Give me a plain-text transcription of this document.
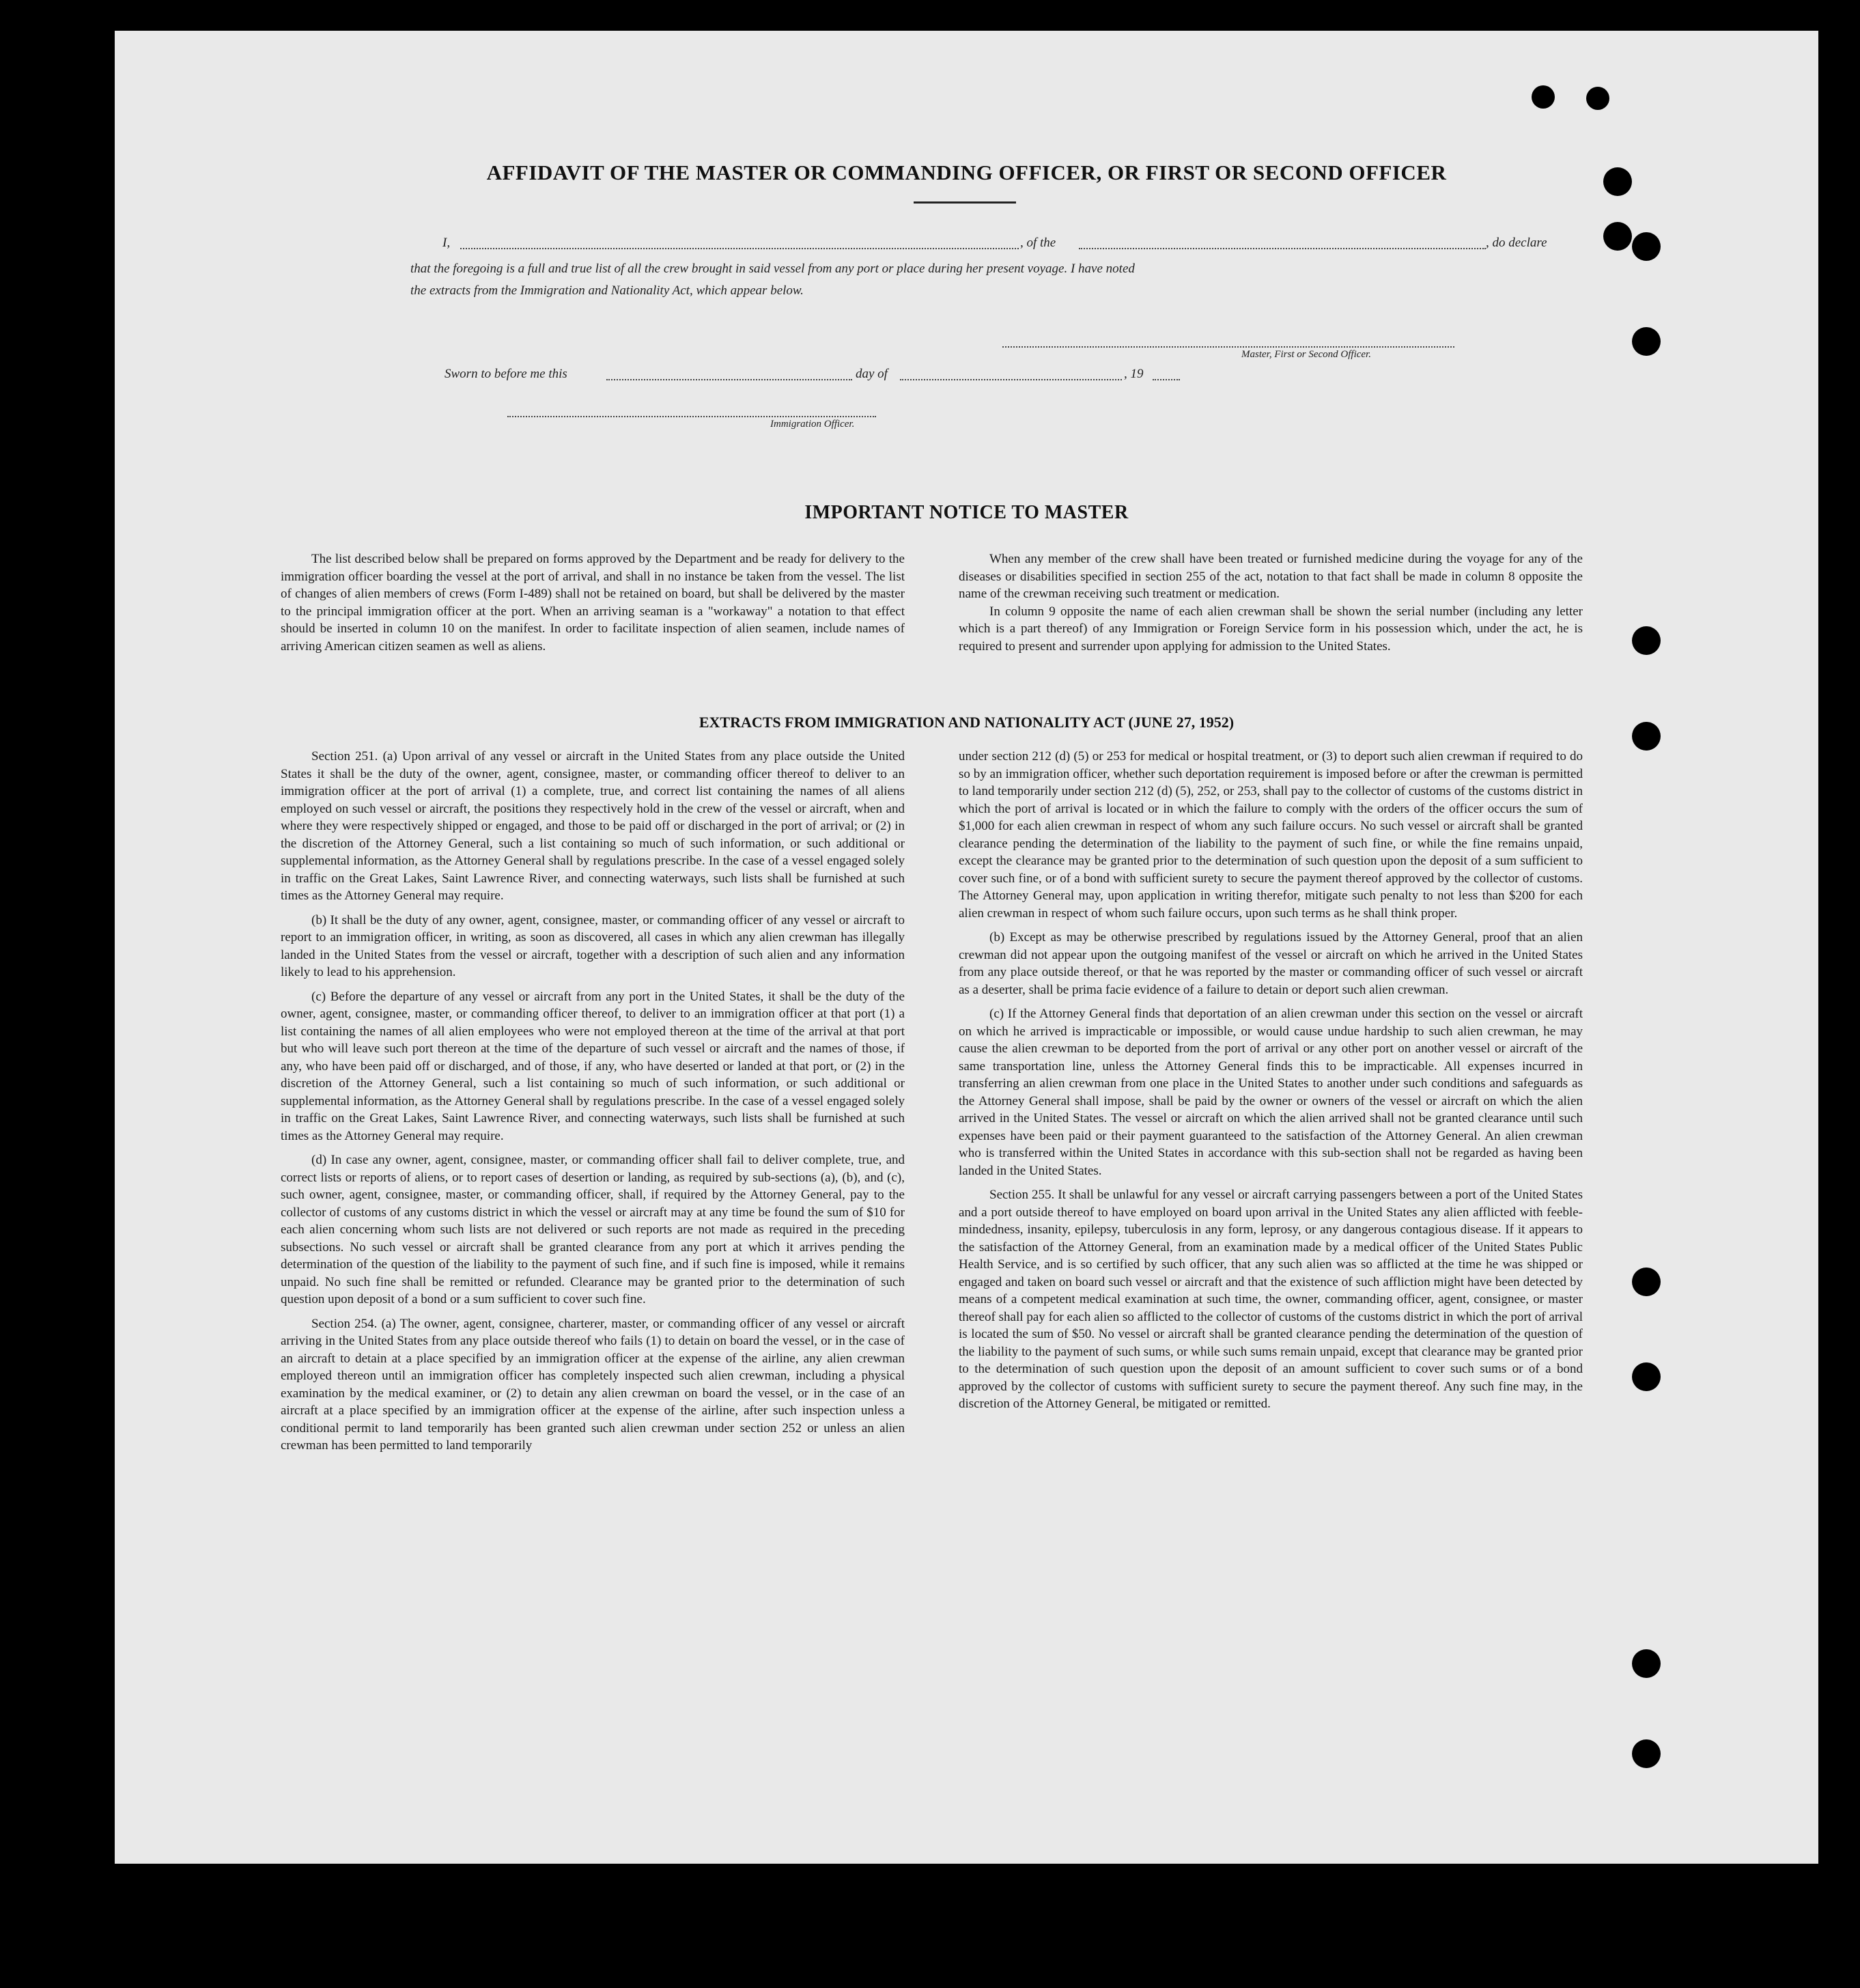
AFFIDAVIT OF THE MASTER OR COMMANDING OFFICER, OR FIRST OR SECOND OFFICER
I,	, of the	, do declare
that the foregoing is a full and true list of all the crew brought in said vessel from any port or place during her present voyage. I have noted
the extracts from the Immigration and Nationality Act, which appear below.
Master, First or Second Officer.
Sworn to before me this	day of	, 19
Immigration Officer.
IMPORTANT NOTICE TO MASTER

The list described below shall be prepared on forms approved by the Department and be ready for delivery to the immigration officer boarding the vessel at the port of arrival, and shall in no instance be taken from the vessel. The list of changes of alien members of crews (Form I-489) shall not be retained on board, but shall be delivered by the master to the principal immigration officer at the port. When an arriving seaman is a "workaway" a notation to that effect should be inserted in column 10 on the manifest. In order to facilitate inspection of alien seamen, include names of arriving American citizen seamen as well as aliens.

When any member of the crew shall have been treated or furnished medicine during the voyage for any of the diseases or disabilities specified in section 255 of the act, notation to that fact shall be made in column 8 opposite the name of the crewman receiving such treatment or medication.

In column 9 opposite the name of each alien crewman shall be shown the serial number (including any letter which is a part thereof) of any Immigration or Foreign Service form in his possession which, under the act, he is required to present and surrender upon applying for admission to the United States.

EXTRACTS FROM IMMIGRATION AND NATIONALITY ACT (JUNE 27, 1952)

Section 251. (a) Upon arrival of any vessel or aircraft in the United States from any place outside the United States it shall be the duty of the owner, agent, consignee, master, or commanding officer thereof to deliver to an immigration officer at the port of arrival (1) a complete, true, and correct list containing the names of all aliens employed on such vessel or aircraft, the positions they respectively hold in the crew of the vessel or aircraft, when and where they were respectively shipped or engaged, and those to be paid off or discharged in the port of arrival; or (2) in the discretion of the Attorney General, such a list containing so much of such information, or such additional or supplemental information, as the Attorney General shall by regulations prescribe. In the case of a vessel engaged solely in traffic on the Great Lakes, Saint Lawrence River, and connecting waterways, such lists shall be furnished at such times as the Attorney General may require.

(b) It shall be the duty of any owner, agent, consignee, master, or commanding officer of any vessel or aircraft to report to an immigration officer, in writing, as soon as discovered, all cases in which any alien crewman has illegally landed in the United States from the vessel or aircraft, together with a description of such alien and any information likely to lead to his apprehension.

(c) Before the departure of any vessel or aircraft from any port in the United States, it shall be the duty of the owner, agent, consignee, master, or commanding officer thereof, to deliver to an immigration officer at that port (1) a list containing the names of all alien employees who were not employed thereon at the time of the arrival at that port but who will leave such port thereon at the time of the departure of such vessel or aircraft and the names of those, if any, who have been paid off or discharged, and of those, if any, who have deserted or landed at that port, or (2) in the discretion of the Attorney General, such a list containing so much of such information, or such additional or supplemental information, as the Attorney General shall by regulations prescribe. In the case of a vessel engaged solely in traffic on the Great Lakes, Saint Lawrence River, and connecting waterways, such lists shall be furnished at such times as the Attorney General may require.

(d) In case any owner, agent, consignee, master, or commanding officer shall fail to deliver complete, true, and correct lists or reports of aliens, or to report cases of desertion or landing, as required by sub-sections (a), (b), and (c), such owner, agent, consignee, master, or commanding officer, shall, if required by the Attorney General, pay to the collector of customs of any customs district in which the vessel or aircraft may at any time be found the sum of $10 for each alien concerning whom such lists are not delivered or such reports are not made as required in the preceding subsections. No such vessel or aircraft shall be granted clearance from any port at which it arrives pending the determination of the question of the liability to the payment of such fine, and if such fine is imposed, while it remains unpaid. No such fine shall be remitted or refunded. Clearance may be granted prior to the determination of such question upon deposit of a bond or a sum sufficient to cover such fine.

Section 254. (a) The owner, agent, consignee, charterer, master, or commanding officer of any vessel or aircraft arriving in the United States from any place outside thereof who fails (1) to detain on board the vessel, or in the case of an aircraft to detain at a place specified by an immigration officer at the expense of the airline, any alien crewman employed thereon until an immigration officer has completely inspected such alien crewman, including a physical examination by the medical examiner, or (2) to detain any alien crewman on board the vessel, or in the case of an aircraft at a place specified by an immigration officer at the expense of the airline, after such inspection unless a conditional permit to land temporarily has been granted such alien crewman under section 252 or unless an alien crewman has been permitted to land temporarily

under section 212 (d) (5) or 253 for medical or hospital treatment, or (3) to deport such alien crewman if required to do so by an immigration officer, whether such deportation requirement is imposed before or after the crewman is permitted to land temporarily under section 212 (d) (5), 252, or 253, shall pay to the collector of customs of the customs district in which the port of arrival is located or in which the failure to comply with the orders of the officer occurs the sum of $1,000 for each alien crewman in respect of whom any such failure occurs. No such vessel or aircraft shall be granted clearance pending the determination of the liability to the payment of such fine, or while the fine remains unpaid, except the clearance may be granted prior to the determination of such question upon the deposit of a sum sufficient to cover such fine, or of a bond with sufficient surety to secure the payment thereof approved by the collector of customs. The Attorney General may, upon application in writing therefor, mitigate such penalty to not less than $200 for each alien crewman in respect of whom such failure occurs, upon such terms as he shall think proper.

(b) Except as may be otherwise prescribed by regulations issued by the Attorney General, proof that an alien crewman did not appear upon the outgoing manifest of the vessel or aircraft on which he arrived in the United States from any place outside thereof, or that he was reported by the master or commanding officer of such vessel or aircraft as a deserter, shall be prima facie evidence of a failure to detain or deport such alien crewman.

(c) If the Attorney General finds that deportation of an alien crewman under this section on the vessel or aircraft on which he arrived is impracticable or impossible, or would cause undue hardship to such alien crewman, he may cause the alien crewman to be deported from the port of arrival or any other port on another vessel or aircraft of the same transportation line, unless the Attorney General finds this to be impracticable. All expenses incurred in transferring an alien crewman from one place in the United States to another under such conditions and safeguards as the Attorney General shall impose, shall be paid by the owner or owners of the vessel or aircraft on which the alien arrived in the United States. The vessel or aircraft on which the alien arrived shall not be granted clearance until such expenses have been paid or their payment guaranteed to the satisfaction of the Attorney General. An alien crewman who is transferred within the United States in accordance with this sub-section shall not be regarded as having been landed in the United States.

Section 255. It shall be unlawful for any vessel or aircraft carrying passengers between a port of the United States and a port outside thereof to have employed on board upon arrival in the United States any alien afflicted with feeble-mindedness, insanity, epilepsy, tuberculosis in any form, leprosy, or any dangerous contagious disease. If it appears to the satisfaction of the Attorney General, from an examination made by a medical officer of the United States Public Health Service, and is so certified by such officer, that any such alien was so afflicted at the time he was shipped or engaged and taken on board such vessel or aircraft and that the existence of such affliction might have been detected by means of a competent medical examination at such time, the owner, commanding officer, agent, consignee, or master thereof shall pay for each alien so afflicted to the collector of customs of the customs district in which the port of arrival is located the sum of $50. No vessel or aircraft shall be granted clearance pending the determination of the question of the liability to the payment of such sums, or while such sums remain unpaid, except that clearance may be granted prior to the determination of such question upon the deposit of an amount sufficient to cover such sums or of a bond approved by the collector of customs with sufficient surety to secure the payment thereof. Any such fine may, in the discretion of the Attorney General, be mitigated or remitted.
